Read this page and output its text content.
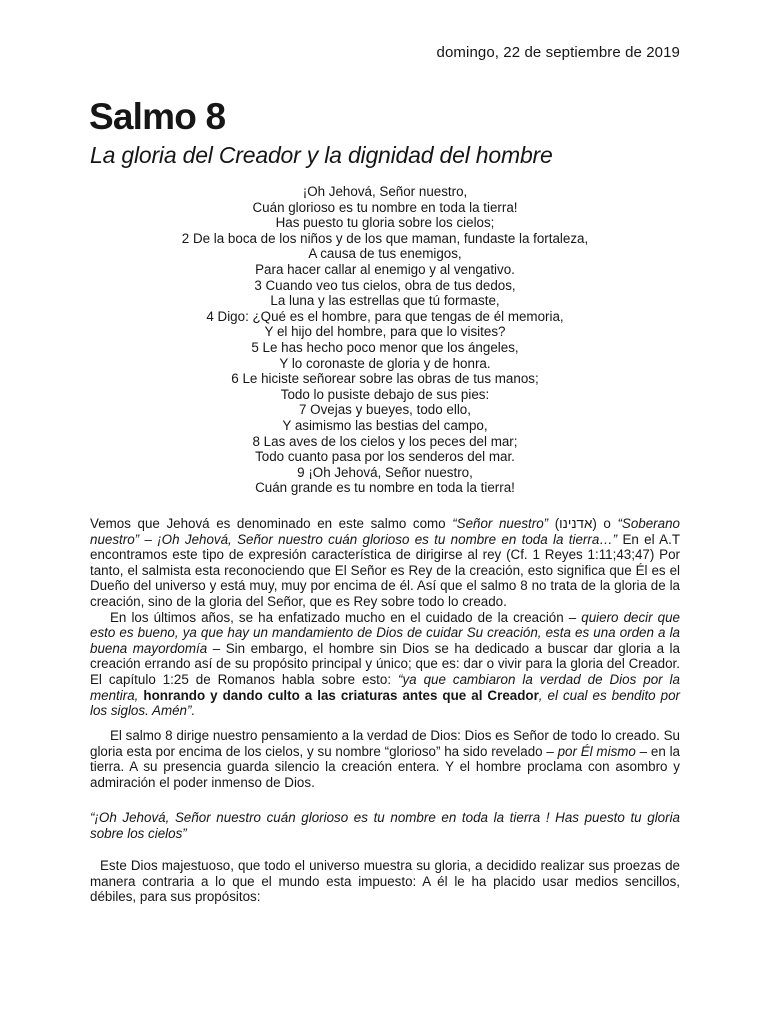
domingo, 22 de septiembre de 2019
Salmo 8
La gloria del Creador y la dignidad del hombre
¡Oh Jehová, Señor nuestro,
Cuán glorioso es tu nombre en toda la tierra!
Has puesto tu gloria sobre los cielos;
2 De la boca de los niños y de los que maman, fundaste la fortaleza,
A causa de tus enemigos,
Para hacer callar al enemigo y al vengativo.
3 Cuando veo tus cielos, obra de tus dedos,
La luna y las estrellas que tú formaste,
4 Digo: ¿Qué es el hombre, para que tengas de él memoria,
Y el hijo del hombre, para que lo visites?
5 Le has hecho poco menor que los ángeles,
Y lo coronaste de gloria y de honra.
6 Le hiciste señorear sobre las obras de tus manos;
Todo lo pusiste debajo de sus pies:
7 Ovejas y bueyes, todo ello,
Y asimismo las bestias del campo,
8 Las aves de los cielos y los peces del mar;
Todo cuanto pasa por los senderos del mar.
9 ¡Oh Jehová, Señor nuestro,
Cuán grande es tu nombre en toda la tierra!

Vemos que Jehová es denominado en este salmo como “Señor nuestro” (אדנינו) o “Soberano nuestro” – ¡Oh Jehová, Señor nuestro cuán glorioso es tu nombre en toda la tierra…” En el A.T encontramos este tipo de expresión característica de dirigirse al rey (Cf. 1 Reyes 1:11;43;47) Por tanto, el salmista esta reconociendo que El Señor es Rey de la creación, esto significa que Él es el Dueño del universo y está muy, muy por encima de él. Así que el salmo 8 no trata de la gloria de la creación, sino de la gloria del Señor, que es Rey sobre todo lo creado.

En los últimos años, se ha enfatizado mucho en el cuidado de la creación – quiero decir que esto es bueno, ya que hay un mandamiento de Dios de cuidar Su creación, esta es una orden a la buena mayordomía – Sin embargo, el hombre sin Dios se ha dedicado a buscar dar gloria a la creación errando así de su propósito principal y único; que es: dar o vivir para la gloria del Creador. El capítulo 1:25 de Romanos habla sobre esto: “ya que cambiaron la verdad de Dios por la mentira, honrando y dando culto a las criaturas antes que al Creador, el cual es bendito por los siglos. Amén”.

El salmo 8 dirige nuestro pensamiento a la verdad de Dios: Dios es Señor de todo lo creado. Su gloria esta por encima de los cielos, y su nombre “glorioso” ha sido revelado – por Él mismo – en la tierra. A su presencia guarda silencio la creación entera. Y el hombre proclama con asombro y admiración el poder inmenso de Dios.

“¡Oh Jehová, Señor nuestro cuán glorioso es tu nombre en toda la tierra ! Has puesto tu gloria sobre los cielos”

Este Dios majestuoso, que todo el universo muestra su gloria, a decidido realizar sus proezas de manera contraria a lo que el mundo esta impuesto: A él le ha placido usar medios sencillos, débiles, para sus propósitos:
